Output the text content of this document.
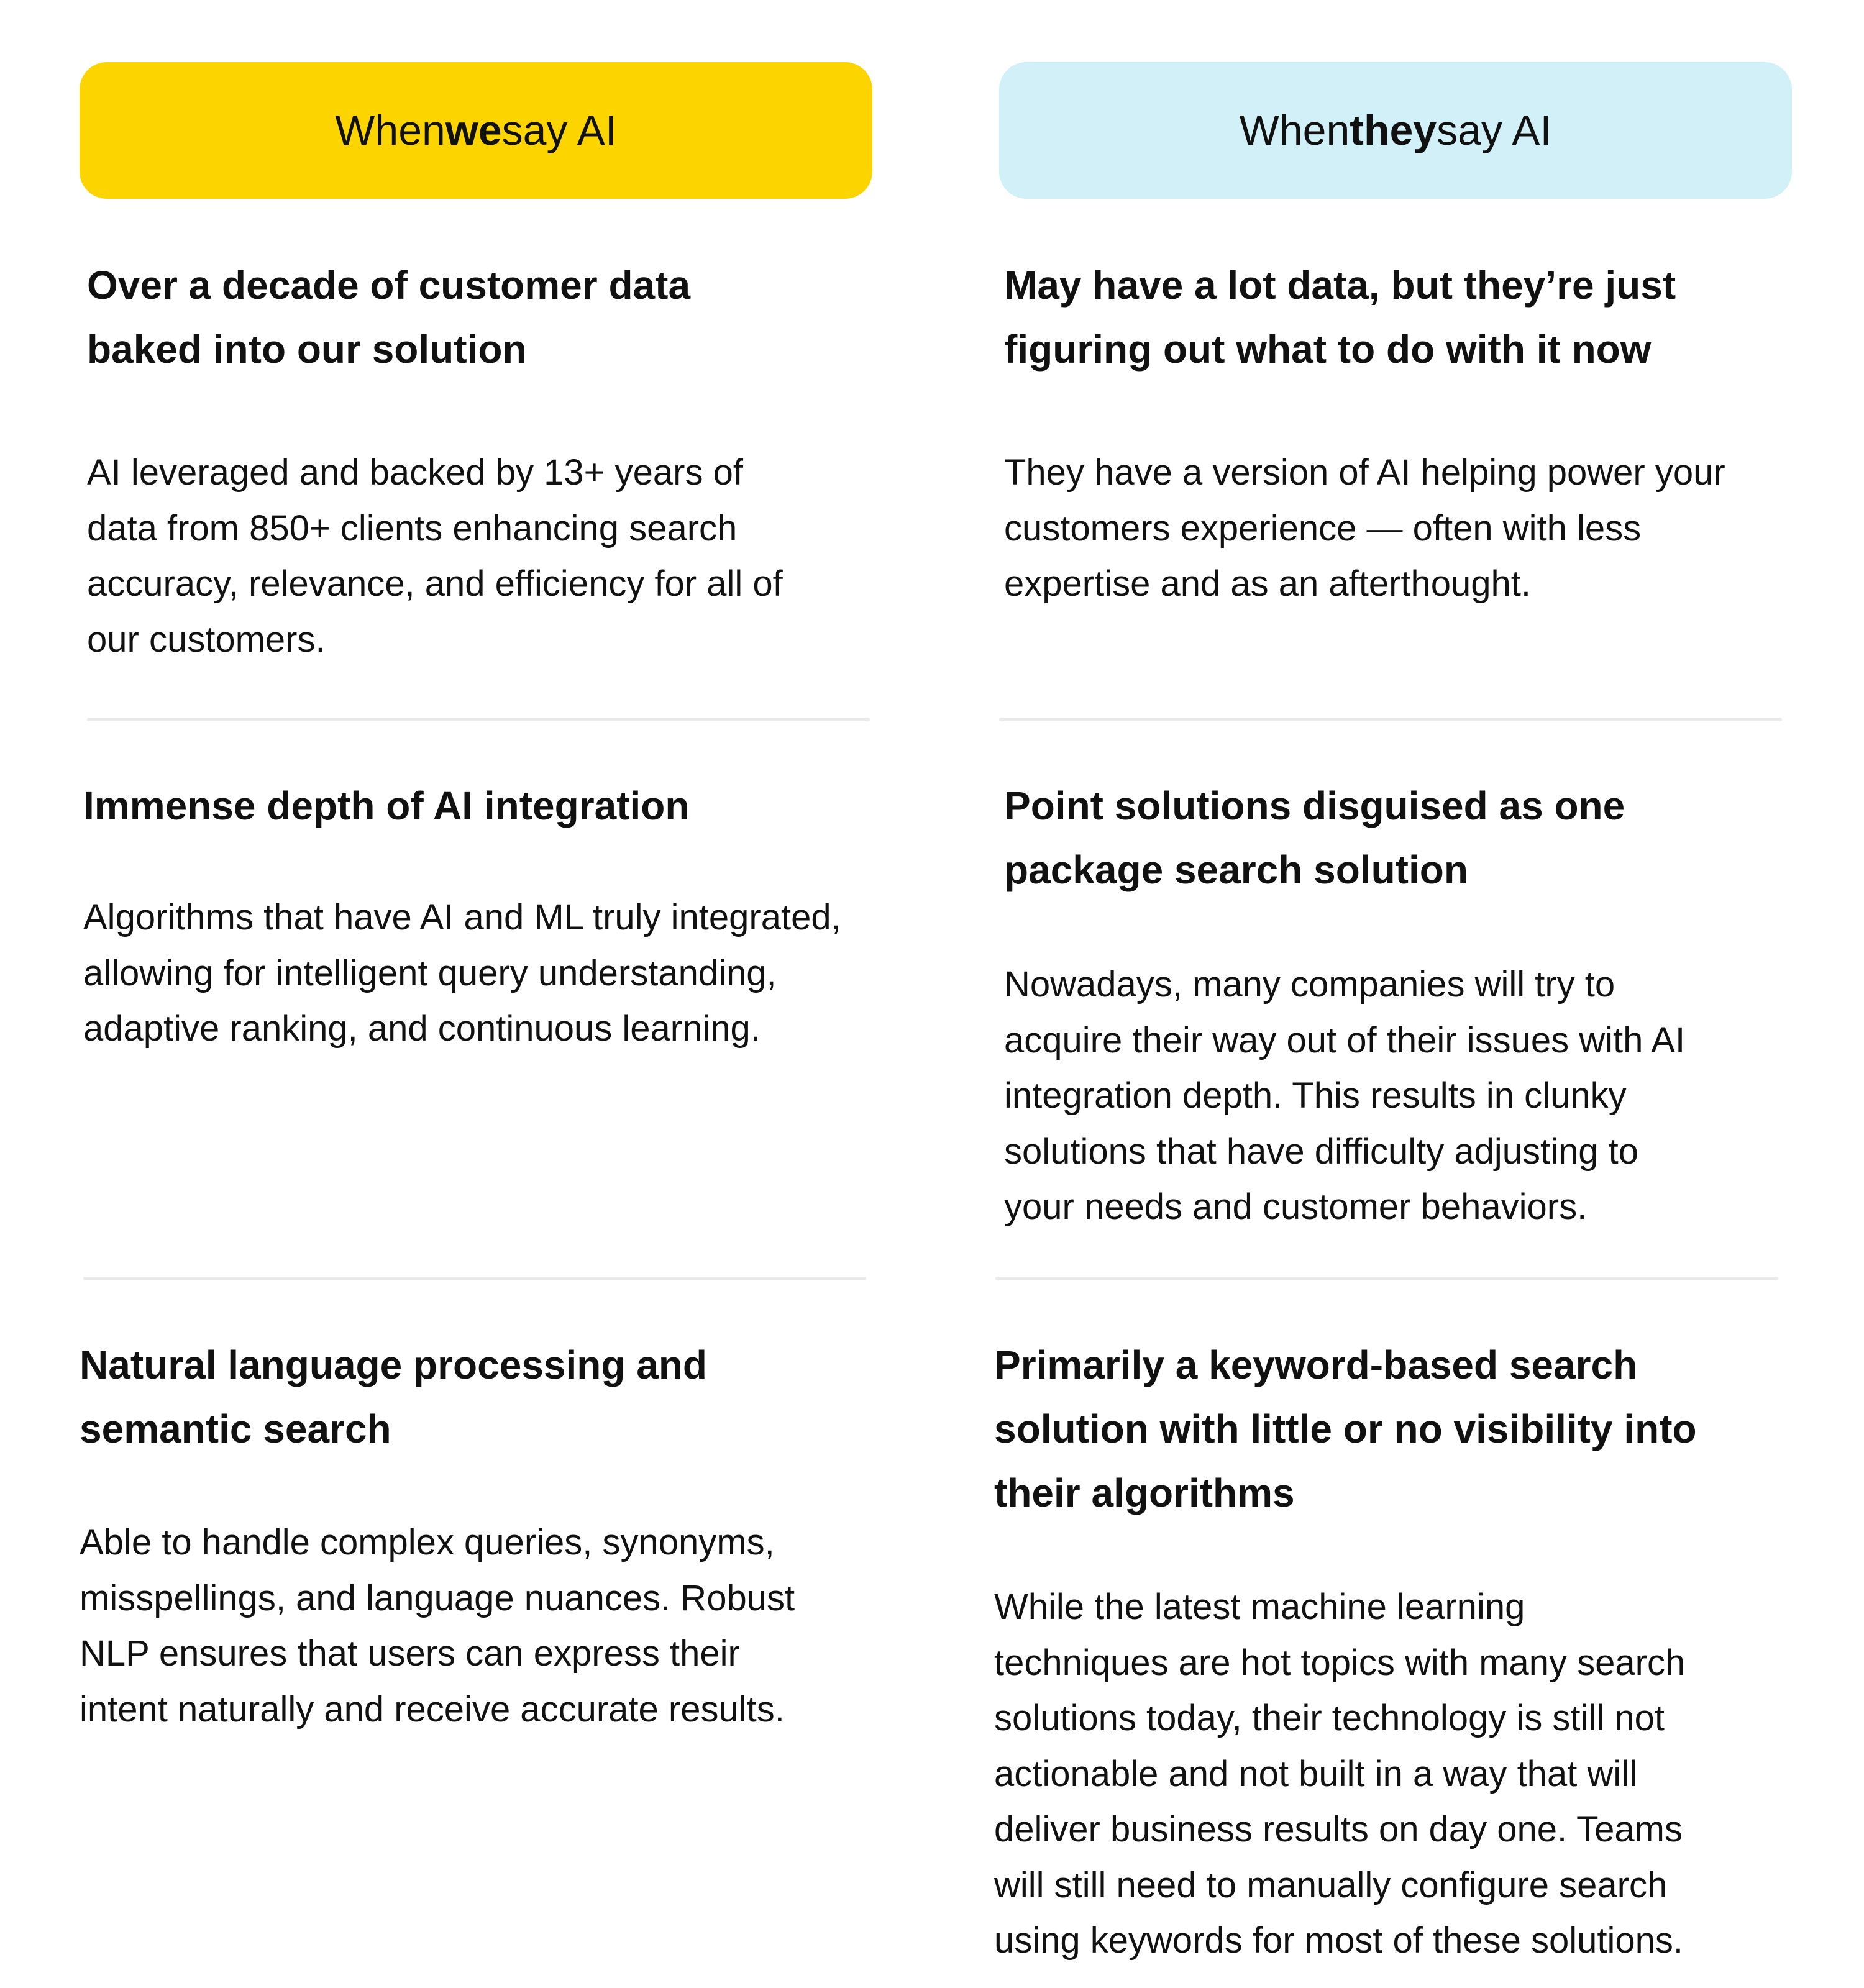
When we say AI	When they say AI
Over a decade of customer data
baked into our solution

AI leveraged and backed by 13+ years of
data from 850+ clients enhancing search
accuracy, relevance, and efficiency for all of
our customers.

May have a lot data, but they’re just
figuring out what to do with it now

They have a version of AI helping power your
customers experience — often with less
expertise and as an afterthought.

Immense depth of AI integration

Algorithms that have AI and ML truly integrated,
allowing for intelligent query understanding,
adaptive ranking, and continuous learning.

Point solutions disguised as one
package search solution

Nowadays, many companies will try to
acquire their way out of their issues with AI
integration depth. This results in clunky
solutions that have difficulty adjusting to
your needs and customer behaviors.

Natural language processing and
semantic search

Able to handle complex queries, synonyms,
misspellings, and language nuances. Robust
NLP ensures that users can express their
intent naturally and receive accurate results.

Primarily a keyword-based search
solution with little or no visibility into
their algorithms

While the latest machine learning
techniques are hot topics with many search
solutions today, their technology is still not
actionable and not built in a way that will
deliver business results on day one. Teams
will still need to manually configure search
using keywords for most of these solutions.
